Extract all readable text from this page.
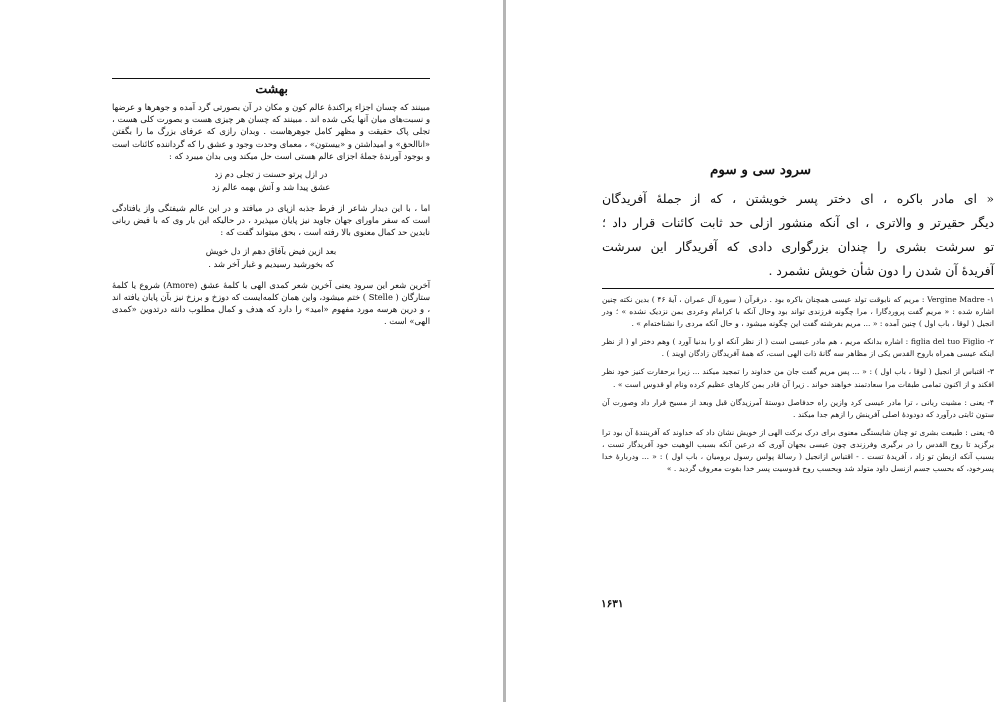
بهشت

مبینند که چسان اجزاء پراکندۀ عالم کون و مکان در آن بصورتی گرد آمده و جوهرها و عرضها و نسبت‌های میان آنها یکی شده اند . مبینند که چسان هر چیزی هست و بصورت کلی هست ، تجلی پاک حقیقت و مظهر کامل جوهرهاست . وبدان رازی که عرفای بزرگ ما را بگفتن «اناالحق» و امیداشتن و «بیستون» ، معمای وحدت وجود و عشق را که گرداننده کائنات است و بوجود آورندۀ جملۀ اجزای عالم هستی است حل میکند وبی بدان میبرد که :

در ازل پرتو حسنت ز تجلی دم زد
عشق پیدا شد و آتش بهمه عالم زد

اما ، با این دیدار شاعر از فرط جذبه ازپای در میافتد و در این عالم شیفتگی واز یافتادگی است که سفر ماورای جهان جاوید نیز پایان میپذیرد ، در حالیکه این بار وی که با فیض ربانی نابدین حد کمال معنوی بالا رفته است ، بحق میتواند گفت که :

بعد ازین فیض بآفاق دهم از دل خویش
که بخورشید رسیدیم و غبار آخر شد .

آخرین شعر این سرود یعنی آخرین شعر کمدی الهی با کلمۀ عشق (Amore) شروع یا کلمۀ ستارگان ( Stelle ) ختم میشود، واین همان کلمه‌ایست که دوزخ و برزخ نیز بآن پایان یافته اند ، و درین هرسه مورد مفهوم «امید» را دارد که هدف و کمال مطلوب دانته درتدوین «کمدی الهی» است .

سرود سی و سوم
« ای مادر باکره ، ای دختر پسر خویشتن ، که از جملۀ آفریدگان
دیگر حقیرتر و والاتری ، ای آنکه منشور ازلی حد ثابت کائنات قرار داد ؛
تو سرشت بشری را چندان بزرگواری دادی که آفریدگار این سرشت
آفریدۀ آن شدن را دون شأن خویش نشمرد .

۱- Vergine Madre : مریم که نابوقت تولد عیسی همچنان باکره بود . درقرآن ( سورۀ آل عمران ، آیۀ ۴۶ ) بدین نکته چنین اشاره شده : « مریم گفت پروردگارا ، مرا چگونه فرزندی تواند بود وحال آنکه با کرامام وعردی بمن نزدیک نشده » ؛ ودر انجیل ( لوقا ، باب اول ) چنین آمده : « ... مریم بفرشته گفت این چگونه میشود ، و حال آنکه مردی را نشناخته‌ام » .

۲- figlia del tuo Figlio : اشاره بدانکه مریم ، هم مادر عیسی است ( از نظر آنکه او را بدنیا آورد ) وهم دختر او ( از نظر اینکه عیسی همراه باروح القدس یکی از مظاهر سه گانۀ ذات الهی است، که همۀ آفریدگان زادگان اویند ) .

۳- اقتباس از انجیل ( لوقا ، باب اول ) : « ... پس مریم گفت جان من خداوند را تمجید میکند ... زیرا برحقارت کنیز خود نظر افکند و از اکنون تمامی طبقات مرا سعادتمند خواهند خواند . زیرا آن قادر بمن کارهای عظیم کرده ونام او قدوس است » .

۴- یعنی : مشیت ربانی ، ترا مادر عیسی کرد وازین راه حدفاصل دوستۀ آمرزیدگان قبل وبعد از مسیح قرار داد وصورت آن ستون ثابتی درآورد که دودودۀ اصلی آفرینش را ازهم جدا میکند .

۵- یعنی : طبیعت بشری تو چنان شایستگی معنوی برای درک برکت الهی از خویش نشان داد که خداوند که آفرینندۀ آن بود ترا برگزید تا روح القدس را در برگیری وفرزندی چون عیسی بجهان آوری که درعین آنکه بسبب الوهیت خود آفریدگار تست ، بسبب آنکه ازبطن تو زاد ، آفریدۀ تست . - اقتباس ازانجیل ( رسالۀ پولس رسول برومیان ، باب اول ) : « ... ودربارۀ خدا پسرخود، که بحسب جسم ازنسل داود متولد شد وبحسب روح قدوسیت پسر خدا بقوت معروف گردید . »

۱۶۳۱
